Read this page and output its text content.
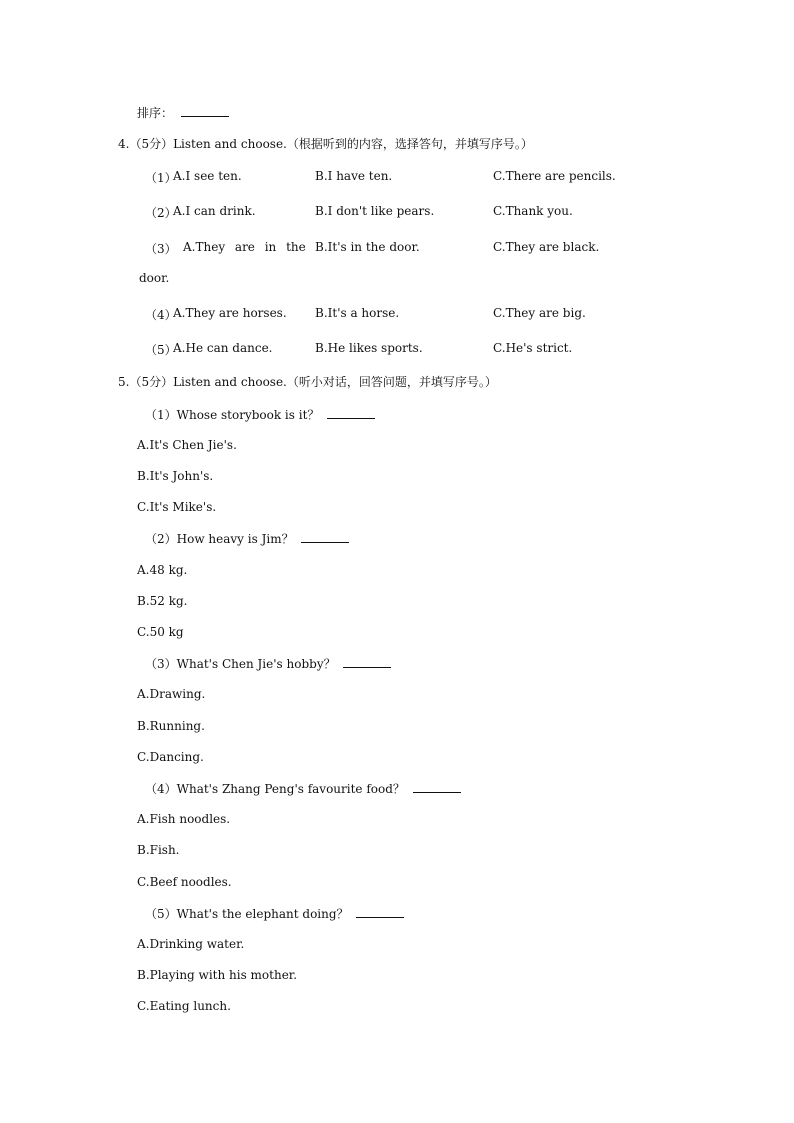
排序：
4.（5分）Listen and choose.（根据听到的内容，选择答句，并填写序号。）
（1）
A.I see ten.	B.I have ten.	C.There are pencils.
（2）
A.I can drink.	B.I don't like pears.	C.Thank you.
（3） A.They are in the B.It's in the door.	C.They are black.
door.
（4）
A.They are horses. B.It's a horse.	C.They are big.
（5）
A.He can dance.	B.He likes sports.	C.He's strict.
5.（5分）Listen and choose.（听小对话，回答问题，并填写序号。）
（1）Whose storybook is it？
A.It's Chen Jie's.
B.It's John's.
C.It's Mike's.
（2）How heavy is Jim？
A.48 kg.
B.52 kg.
C.50 kg
（3）What's Chen Jie's hobby？
A.Drawing.
B.Running.
C.Dancing.
（4）What's Zhang Peng's favourite food？
A.Fish noodles.
B.Fish.
C.Beef noodles.
（5）What's the elephant doing？
A.Drinking water.
B.Playing with his mother.
C.Eating lunch.
